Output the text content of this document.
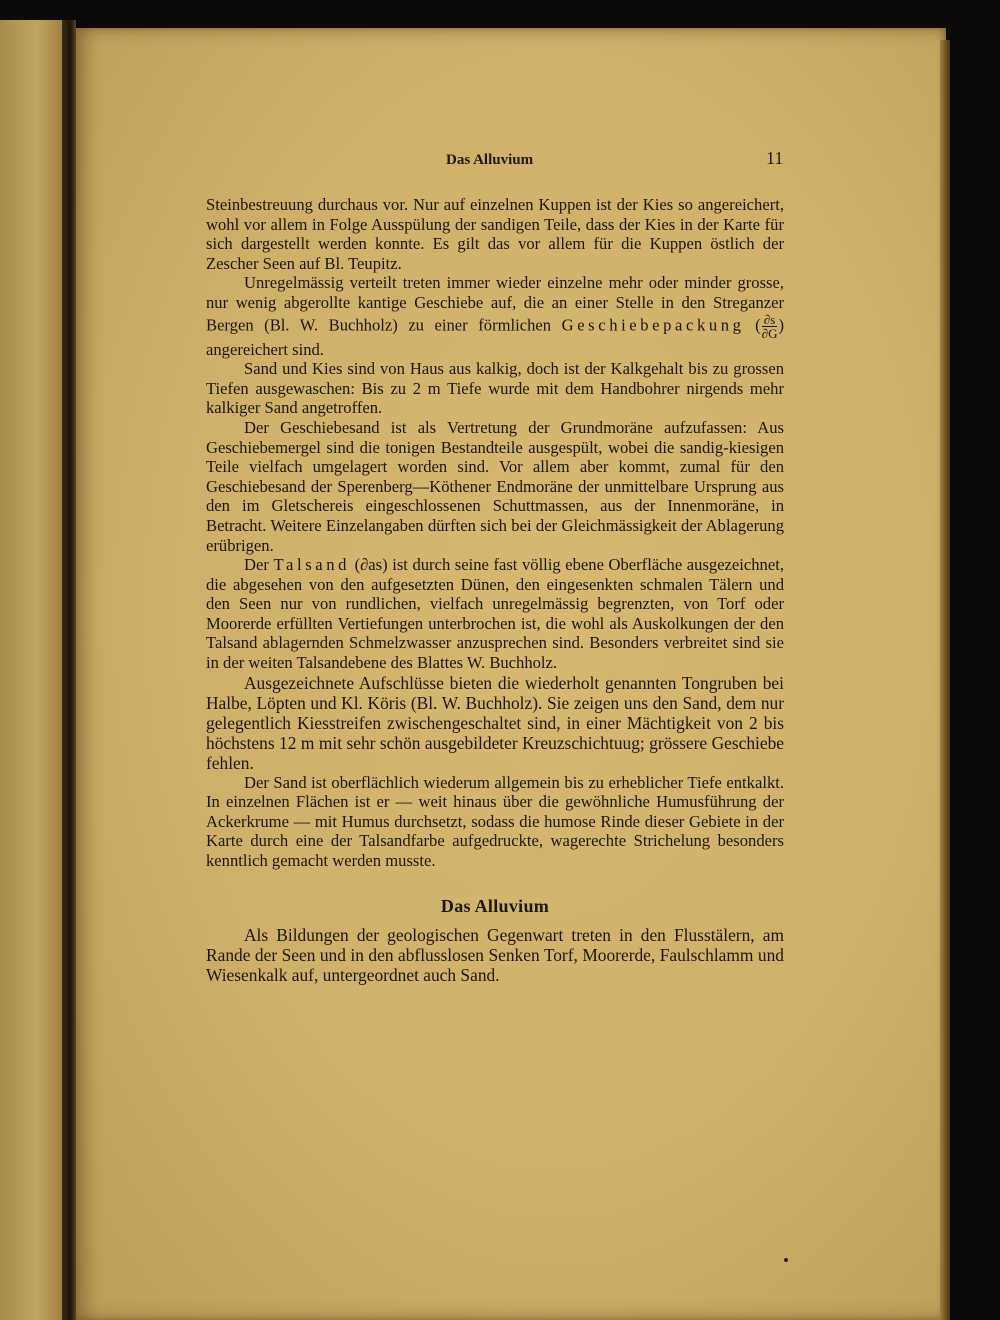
Das Alluvium	11

Steinbestreuung durchaus vor. Nur auf einzelnen Kuppen ist der Kies so angereichert, wohl vor allem in Folge Ausspülung der sandigen Teile, dass der Kies in der Karte für sich dargestellt werden konnte. Es gilt das vor allem für die Kuppen östlich der Zescher Seen auf Bl. Teupitz.

Unregelmässig verteilt treten immer wieder einzelne mehr oder minder grosse, nur wenig abgerollte kantige Geschiebe auf, die an einer Stelle in den Streganzer Bergen (Bl. W. Buchholz) zu einer förmlichen Geschiebepackung ( $\frac{\partial s}{\partial G}$ ) angereichert sind.

Sand und Kies sind von Haus aus kalkig, doch ist der Kalkgehalt bis zu grossen Tiefen ausgewaschen: Bis zu 2 m Tiefe wurde mit dem Handbohrer nirgends mehr kalkiger Sand angetroffen.

Der Geschiebesand ist als Vertretung der Grundmoräne aufzufassen: Aus Geschiebemergel sind die tonigen Bestandteile ausgespült, wobei die sandig-kiesigen Teile vielfach umgelagert worden sind. Vor allem aber kommt, zumal für den Geschiebesand der Sperenberg—Köthener Endmoräne der unmittelbare Ursprung aus den im Gletschereis eingeschlossenen Schuttmassen, aus der Innenmoräne, in Betracht. Weitere Einzelangaben dürften sich bei der Gleichmässigkeit der Ablagerung erübrigen.

Der Talsand (∂as) ist durch seine fast völlig ebene Oberfläche ausgezeichnet, die abgesehen von den aufgesetzten Dünen, den eingesenkten schmalen Tälern und den Seen nur von rundlichen, vielfach unregelmässig begrenzten, von Torf oder Moorerde erfüllten Vertiefungen unterbrochen ist, die wohl als Auskolkungen der den Talsand ablagernden Schmelzwasser anzusprechen sind. Besonders verbreitet sind sie in der weiten Talsandebene des Blattes W. Buchholz.

Ausgezeichnete Aufschlüsse bieten die wiederholt genannten Tongruben bei Halbe, Löpten und Kl. Köris (Bl. W. Buchholz). Sie zeigen uns den Sand, dem nur gelegentlich Kiesstreifen zwischengeschaltet sind, in einer Mächtigkeit von 2 bis höchstens 12 m mit sehr schön ausgebildeter Kreuzschichtuug; grössere Geschiebe fehlen.

Der Sand ist oberflächlich wiederum allgemein bis zu erheblicher Tiefe entkalkt. In einzelnen Flächen ist er — weit hinaus über die gewöhnliche Humusführung der Ackerkrume — mit Humus durchsetzt, sodass die humose Rinde dieser Gebiete in der Karte durch eine der Talsandfarbe aufgedruckte, wagerechte Strichelung besonders kenntlich gemacht werden musste.

Das Alluvium

Als Bildungen der geologischen Gegenwart treten in den Flusstälern, am Rande der Seen und in den abflusslosen Senken Torf, Moorerde, Faulschlamm und Wiesenkalk auf, untergeordnet auch Sand.
